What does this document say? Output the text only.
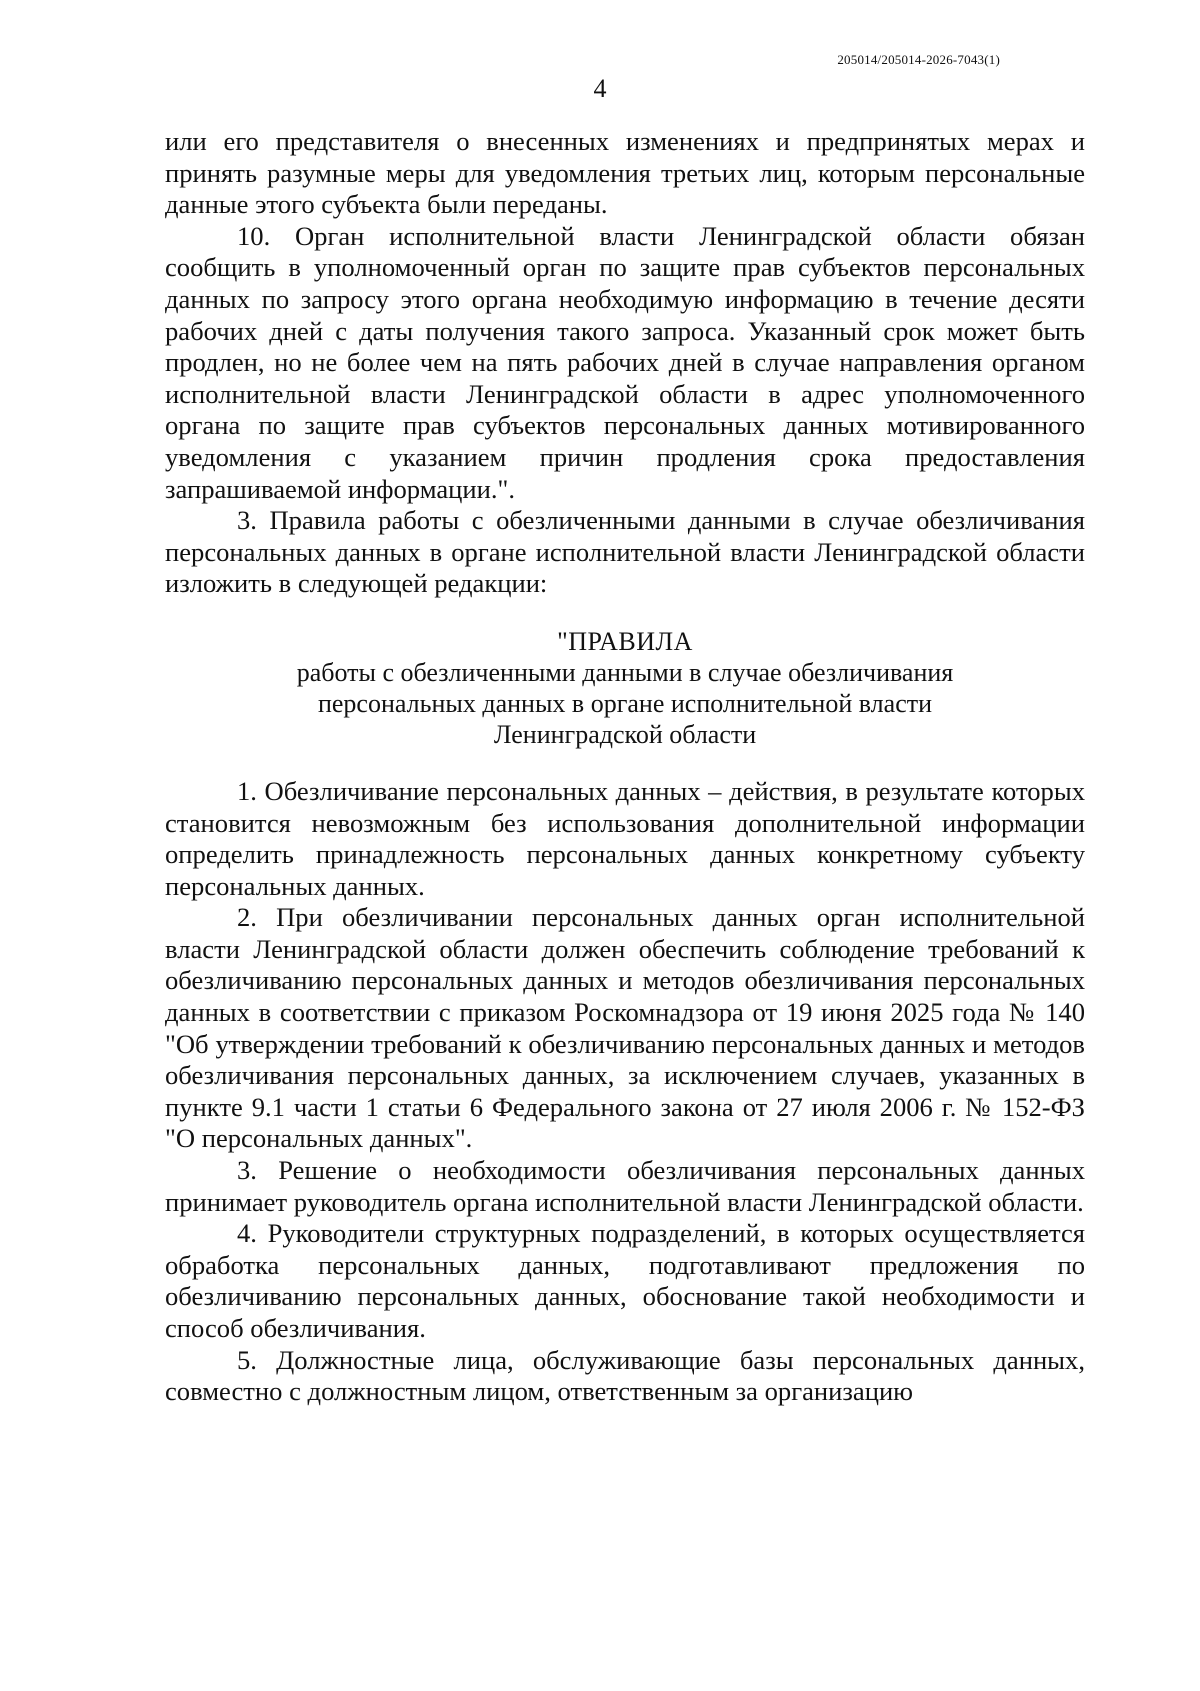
205014/205014-2026-7043(1)
4

или его представителя о внесенных изменениях и предпринятых мерах и принять разумные меры для уведомления третьих лиц, которым персональные данные этого субъекта были переданы.

10. Орган исполнительной власти Ленинградской области обязан сообщить в уполномоченный орган по защите прав субъектов персональных данных по запросу этого органа необходимую информацию в течение десяти рабочих дней с даты получения такого запроса. Указанный срок может быть продлен, но не более чем на пять рабочих дней в случае направления органом исполнительной власти Ленинградской области в адрес уполномоченного органа по защите прав субъектов персональных данных мотивированного уведомления с указанием причин продления срока предоставления запрашиваемой информации.".

3. Правила работы с обезличенными данными в случае обезличивания персональных данных в органе исполнительной власти Ленинградской области изложить в следующей редакции:

"ПРАВИЛА
работы с обезличенными данными в случае обезличивания
персональных данных в органе исполнительной власти
Ленинградской области

1. Обезличивание персональных данных – действия, в результате которых становится невозможным без использования дополнительной информации определить принадлежность персональных данных конкретному субъекту персональных данных.

2. При обезличивании персональных данных орган исполнительной власти Ленинградской области должен обеспечить соблюдение требований к обезличиванию персональных данных и методов обезличивания персональных данных в соответствии с приказом Роскомнадзора от 19 июня 2025 года № 140 "Об утверждении требований к обезличиванию персональных данных и методов обезличивания персональных данных, за исключением случаев, указанных в пункте 9.1 части 1 статьи 6 Федерального закона от 27 июля 2006 г. № 152-ФЗ "О персональных данных".

3. Решение о необходимости обезличивания персональных данных принимает руководитель органа исполнительной власти Ленинградской области.

4. Руководители структурных подразделений, в которых осуществляется обработка персональных данных, подготавливают предложения по обезличиванию персональных данных, обоснование такой необходимости и способ обезличивания.

5. Должностные лица, обслуживающие базы персональных данных, совместно с должностным лицом, ответственным за организацию
